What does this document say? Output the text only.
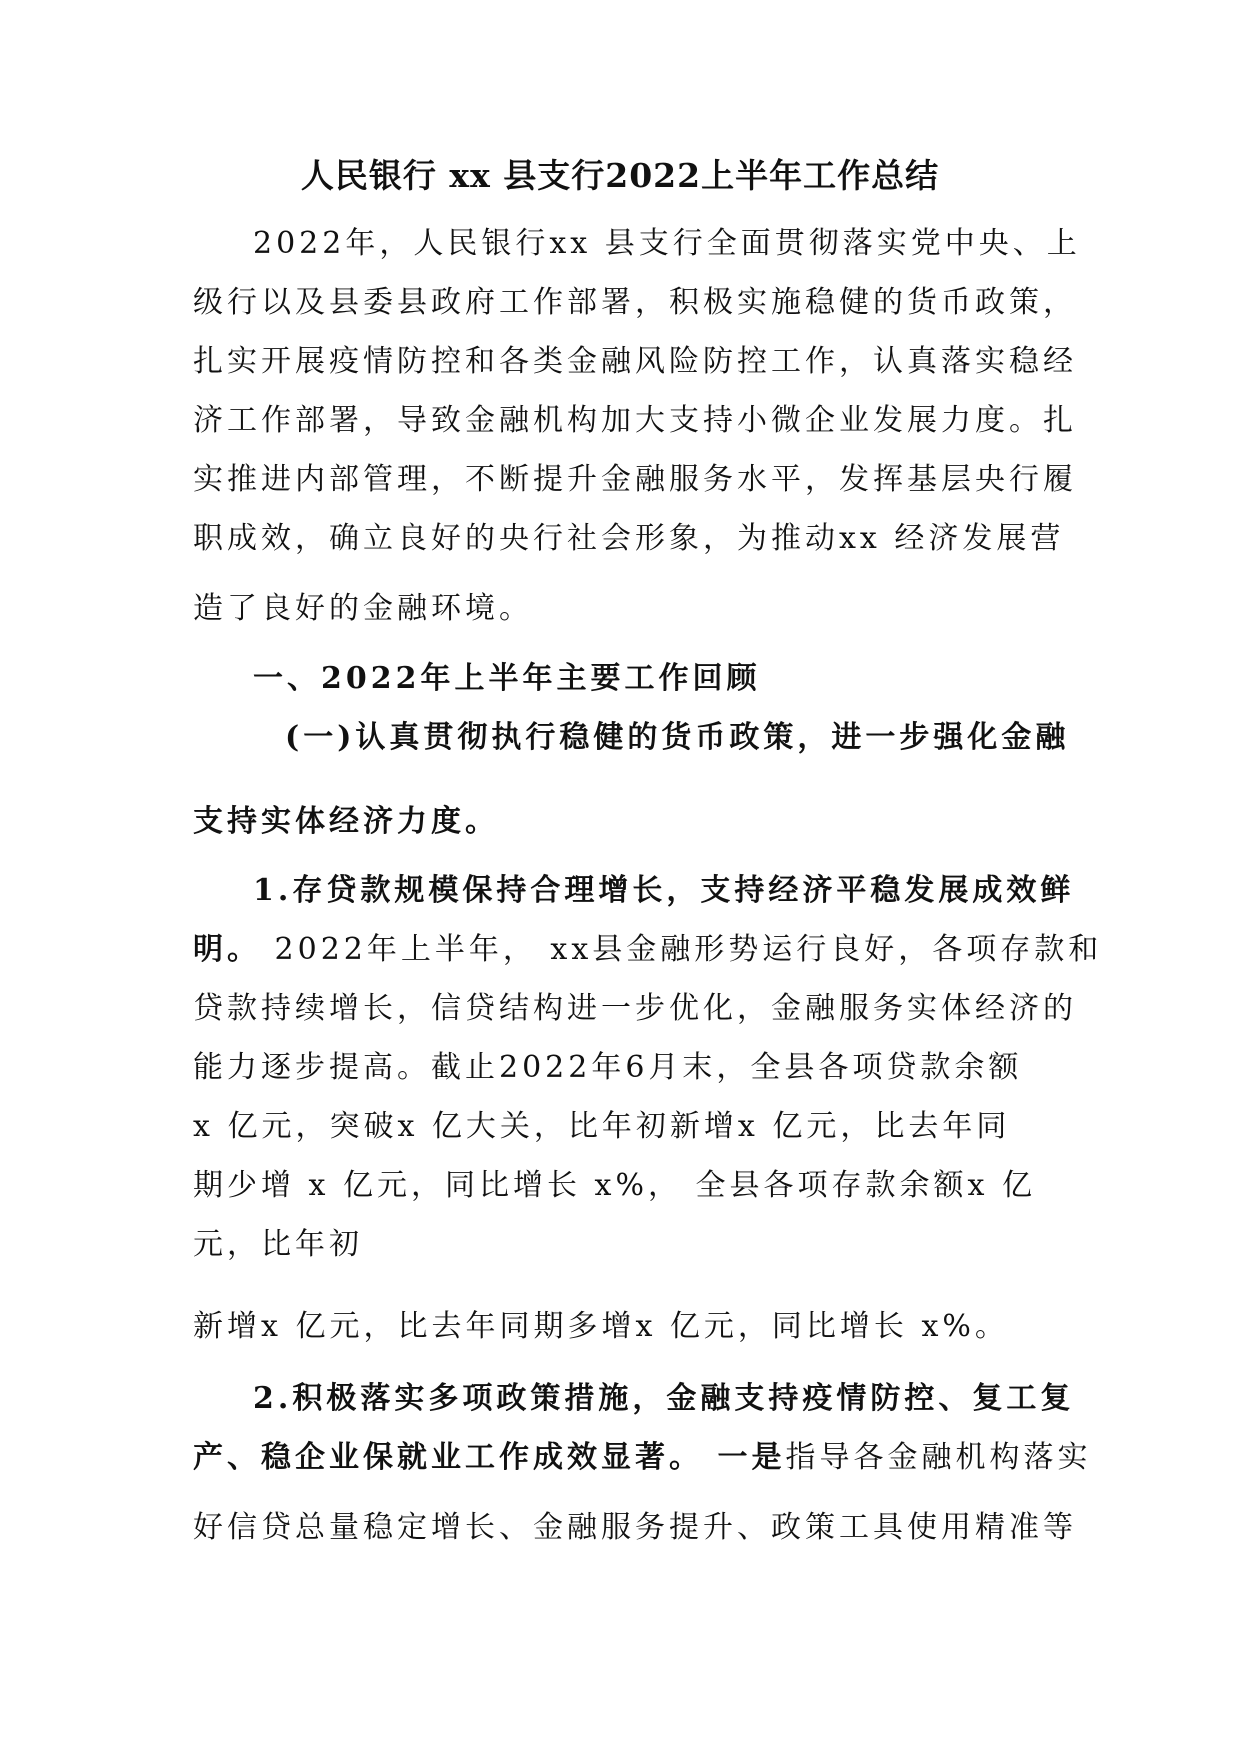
人民银行 xx 县支行2022上半年工作总结
2022年，人民银行xx 县支行全面贯彻落实党中央、上
级行以及县委县政府工作部署，积极实施稳健的货币政策，
扎实开展疫情防控和各类金融风险防控工作，认真落实稳经
济工作部署，导致金融机构加大支持小微企业发展力度。扎
实推进内部管理，不断提升金融服务水平，发挥基层央行履
职成效，确立良好的央行社会形象，为推动xx 经济发展营
造了良好的金融环境。
一、2022年上半年主要工作回顾
(一)认真贯彻执行稳健的货币政策，进一步强化金融
支持实体经济力度。
1.存贷款规模保持合理增长，支持经济平稳发展成效鲜
明。 2022年上半年， xx县金融形势运行良好，各项存款和
贷款持续增长，信贷结构进一步优化，金融服务实体经济的
能力逐步提高。截止2022年6月末，全县各项贷款余额
x 亿元，突破x 亿大关，比年初新增x 亿元，比去年同
期少增 x 亿元，同比增长 x%， 全县各项存款余额x 亿
元，比年初
新增x 亿元，比去年同期多增x 亿元，同比增长 x%。
2.积极落实多项政策措施，金融支持疫情防控、复工复
产、稳企业保就业工作成效显著。 一是指导各金融机构落实
好信贷总量稳定增长、金融服务提升、政策工具使用精准等
